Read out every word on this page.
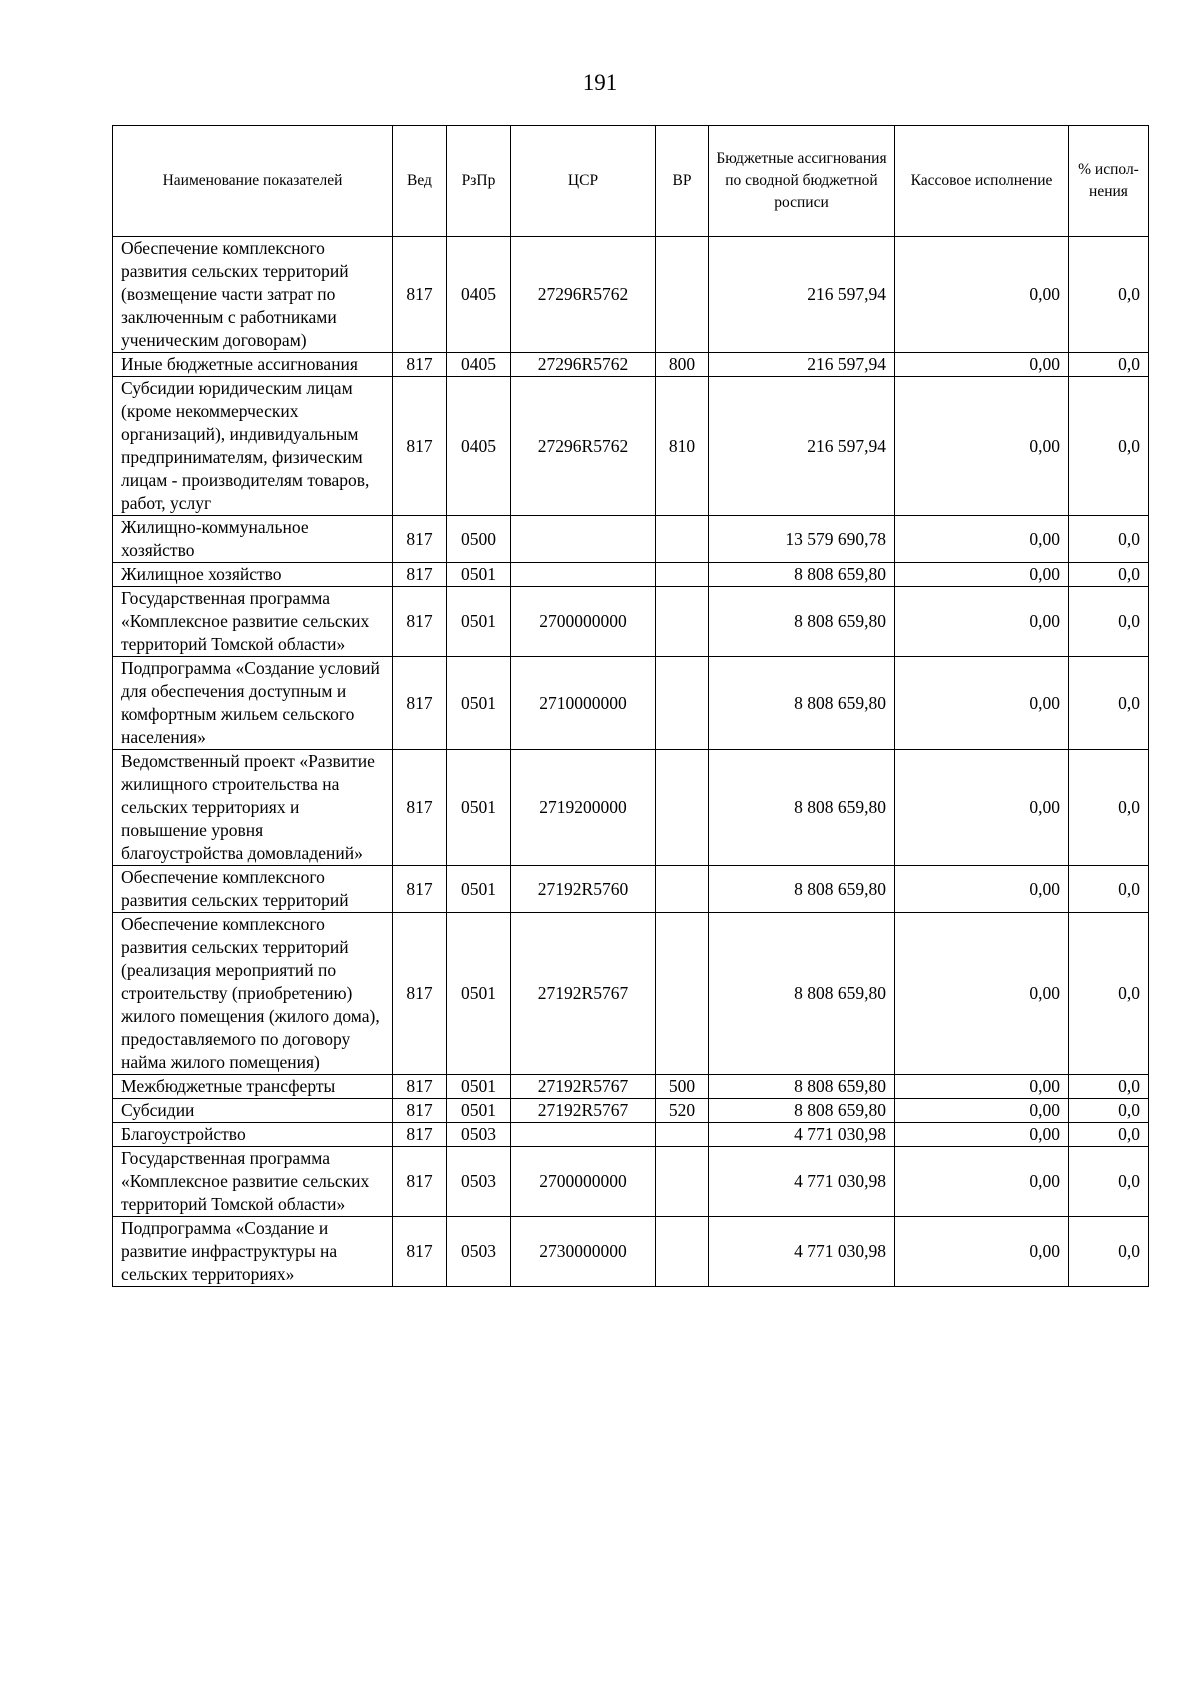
191
Наименование показателей	Вед	РзПр	ЦСР	ВР	Бюджетные ассигнования по сводной бюджетной росписи	Кассовое исполнение	% испол-нения
Обеспечение комплексного развития сельских территорий (возмещение части затрат по заключенным с работниками ученическим договорам)	817	0405	27296R5762		216 597,94	0,00	0,0
Иные бюджетные ассигнования	817	0405	27296R5762	800	216 597,94	0,00	0,0
Субсидии юридическим лицам (кроме некоммерческих организаций), индивидуальным предпринимателям, физическим лицам - производителям товаров, работ, услуг	817	0405	27296R5762	810	216 597,94	0,00	0,0
Жилищно-коммунальное хозяйство	817	0500			13 579 690,78	0,00	0,0
Жилищное хозяйство	817	0501			8 808 659,80	0,00	0,0
Государственная программа «Комплексное развитие сельских территорий Томской области»	817	0501	2700000000		8 808 659,80	0,00	0,0
Подпрограмма «Создание условий для обеспечения доступным и комфортным жильем сельского населения»	817	0501	2710000000		8 808 659,80	0,00	0,0
Ведомственный проект «Развитие жилищного строительства на сельских территориях и повышение уровня благоустройства домовладений»	817	0501	2719200000		8 808 659,80	0,00	0,0
Обеспечение комплексного развития сельских территорий	817	0501	27192R5760		8 808 659,80	0,00	0,0
Обеспечение комплексного развития сельских территорий (реализация мероприятий по строительству (приобретению) жилого помещения (жилого дома), предоставляемого по договору найма жилого помещения)	817	0501	27192R5767		8 808 659,80	0,00	0,0
Межбюджетные трансферты	817	0501	27192R5767	500	8 808 659,80	0,00	0,0
Субсидии	817	0501	27192R5767	520	8 808 659,80	0,00	0,0
Благоустройство	817	0503			4 771 030,98	0,00	0,0
Государственная программа «Комплексное развитие сельских территорий Томской области»	817	0503	2700000000		4 771 030,98	0,00	0,0
Подпрограмма «Создание и развитие инфраструктуры на сельских территориях»	817	0503	2730000000		4 771 030,98	0,00	0,0
